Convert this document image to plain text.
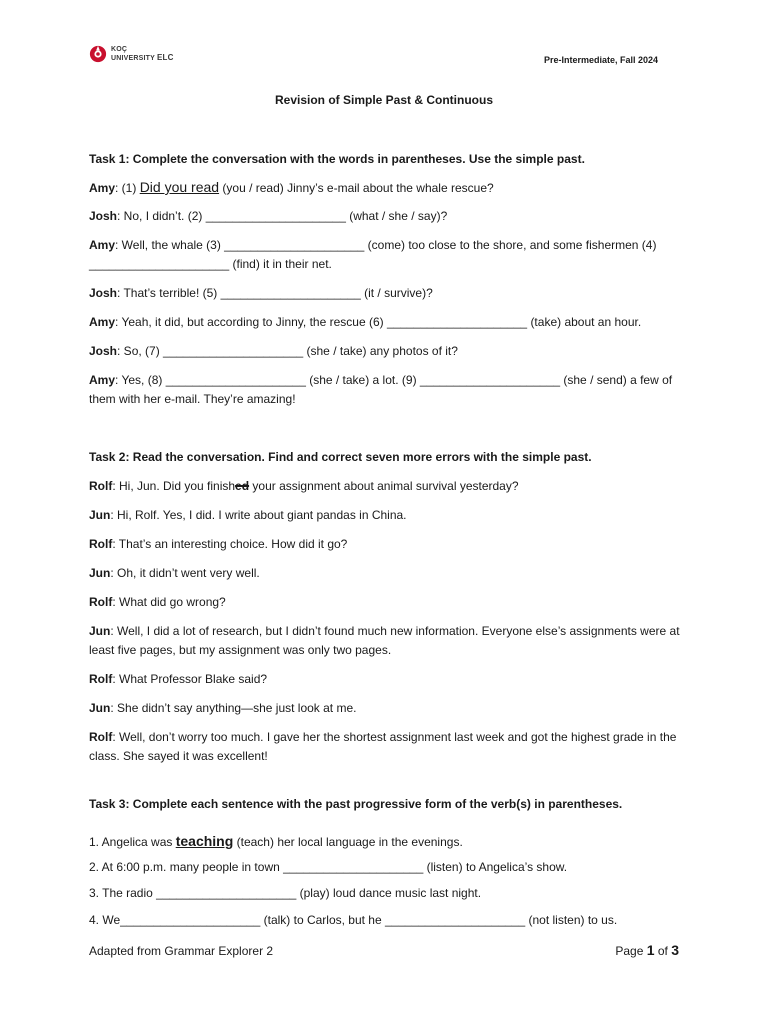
KOÇ
UNIVERSITY ELC	Pre-Intermediate, Fall 2024
Revision of Simple Past & Continuous
Task 1: Complete the conversation with the words in parentheses. Use the simple past.
Amy: (1) Did you read (you / read) Jinny’s e-mail about the whale rescue?
Josh: No, I didn’t. (2) _____________________ (what / she / say)?
Amy: Well, the whale (3) _____________________ (come) too close to the shore, and some fishermen (4) _____________________ (find) it in their net.
Josh: That’s terrible! (5) _____________________ (it / survive)?
Amy: Yeah, it did, but according to Jinny, the rescue (6) _____________________ (take) about an hour.
Josh: So, (7) _____________________ (she / take) any photos of it?
Amy: Yes, (8) _____________________ (she / take) a lot. (9) _____________________ (she / send) a few of them with her e-mail. They’re amazing!
Task 2: Read the conversation. Find and correct seven more errors with the simple past.
Rolf: Hi, Jun. Did you finished your assignment about animal survival yesterday?
Jun: Hi, Rolf. Yes, I did. I write about giant pandas in China.
Rolf: That’s an interesting choice. How did it go?
Jun: Oh, it didn’t went very well.
Rolf: What did go wrong?
Jun: Well, I did a lot of research, but I didn’t found much new information. Everyone else’s assignments were at least five pages, but my assignment was only two pages.
Rolf: What Professor Blake said?
Jun: She didn’t say anything—she just look at me.
Rolf: Well, don’t worry too much. I gave her the shortest assignment last week and got the highest grade in the class. She sayed it was excellent!
Task 3: Complete each sentence with the past progressive form of the verb(s) in parentheses.
1. Angelica was teaching (teach) her local language in the evenings.
2. At 6:00 p.m. many people in town _____________________ (listen) to Angelica’s show.
3. The radio _____________________ (play) loud dance music last night.
4. We_____________________ (talk) to Carlos, but he _____________________ (not listen) to us.
Adapted from Grammar Explorer 2	Page 1 of 3
